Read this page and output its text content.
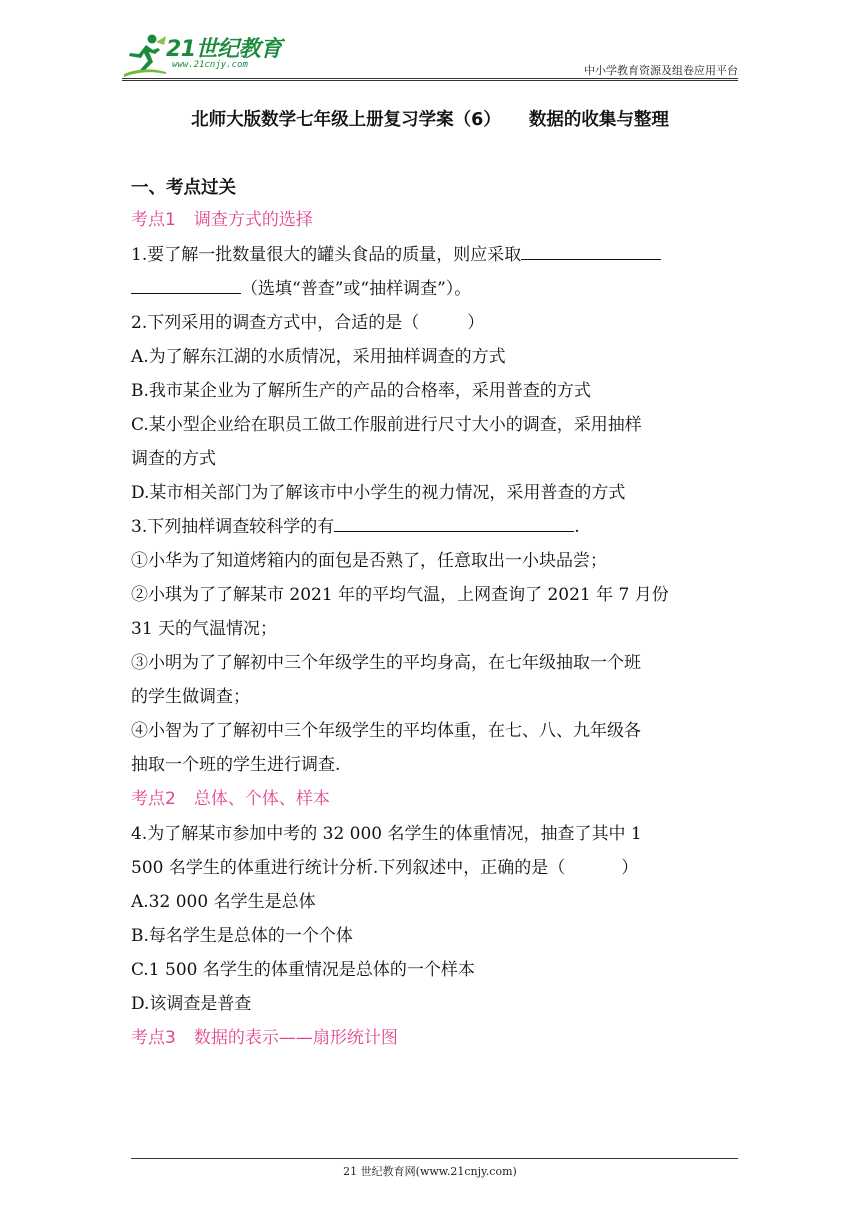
21世纪教育
www.21cnjy.com	中小学教育资源及组卷应用平台
北师大版数学七年级上册复习学案（6） 数据的收集与整理
一、考点过关
考点1 调查方式的选择
1.要了解一批数量很大的罐头食品的质量，则应采取
（选填“普查”或“抽样调查”）。
2.下列采用的调查方式中，合适的是（	）
A.为了解东江湖的水质情况，采用抽样调查的方式
B.我市某企业为了解所生产的产品的合格率，采用普查的方式
C.某小型企业给在职员工做工作服前进行尺寸大小的调查，采用抽样
调查的方式
D.某市相关部门为了解该市中小学生的视力情况，采用普查的方式
3.下列抽样调查较科学的有	.
①小华为了知道烤箱内的面包是否熟了，任意取出一小块品尝；
②小琪为了了解某市 2021 年的平均气温，上网查询了 2021 年 7 月份
31 天的气温情况；
③小明为了了解初中三个年级学生的平均身高，在七年级抽取一个班
的学生做调查；
④小智为了了解初中三个年级学生的平均体重，在七、八、九年级各
抽取一个班的学生进行调查.
考点2 总体、个体、样本
4.为了解某市参加中考的 32 000 名学生的体重情况，抽查了其中 1
500 名学生的体重进行统计分析.下列叙述中，正确的是（	）
A.32 000 名学生是总体
B.每名学生是总体的一个个体
C.1 500 名学生的体重情况是总体的一个样本
D.该调查是普查
考点3 数据的表示——扇形统计图
21 世纪教育网(www.21cnjy.com)
